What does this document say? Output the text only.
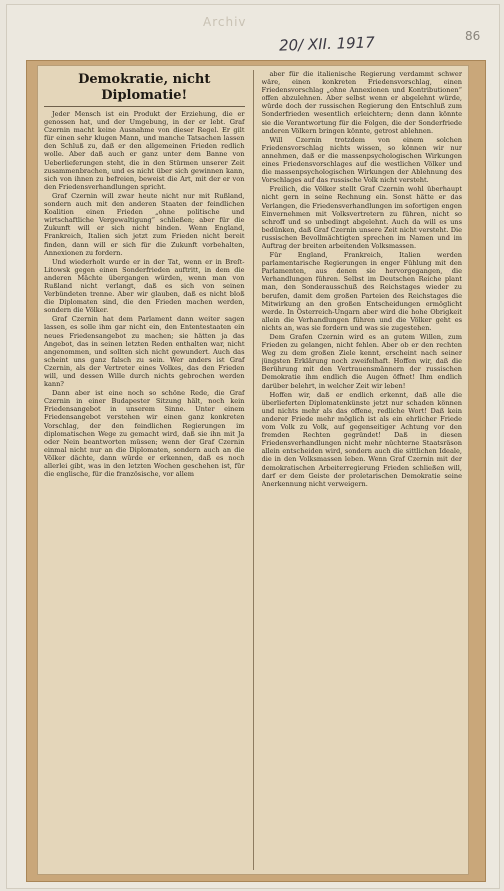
Archiv
20/ XII. 1917	86
Demokratie, nicht Diplomatie!

Jeder Mensch ist ein Produkt der Erziehung, die er genossen hat, und der Umgebung, in der er lebt. Graf Czernin macht keine Ausnahme von dieser Regel. Er gilt für einen sehr klugen Mann, und manche Tatsachen lassen den Schluß zu, daß er den allgemeinen Frieden redlich wolle. Aber daß auch er ganz unter dem Banne von Ueberlieferungen steht, die in den Stürmen unserer Zeit zusammenbrachen, und es nicht über sich gewinnen kann, sich von ihnen zu befreien, beweist die Art, mit der er von den Friedensverhandlungen spricht.

Graf Czernin will zwar heute nicht nur mit Rußland, sondern auch mit den anderen Staaten der feindlichen Koalition einen Frieden „ohne politische und wirtschaftliche Vergewaltigung“ schließen; aber für die Zukunft will er sich nicht binden. Wenn England, Frankreich, Italien sich jetzt zum Frieden nicht bereit finden, dann will er sich für die Zukunft vorbehalten, Annexionen zu fordern.

Und wiederholt wurde er in der Tat, wenn er in Breſt-Litowsk gegen einen Sonderfrieden auftritt, in dem die anderen Mächte übergangen würden, wenn man von Rußland nicht verlangt, daß es sich von seinen Verbündeten trenne. Aber wir glauben, daß es nicht bloß die Diplomaten sind, die den Frieden machen werden, sondern die Völker.

Graf Czernin hat dem Parlament dann weiter sagen lassen, es solle ihm gar nicht ein, den Ententestaaten ein neues Friedensangebot zu machen; sie hätten ja das Angebot, das in seinen letzten Reden enthalten war, nicht angenommen, und sollten sich nicht gewundert. Auch das scheint uns ganz falsch zu sein. Wer anders ist Graf Czernin, als der Vertreter eines Volkes, das den Frieden will, und dessen Wille durch nichts gebrochen werden kann?

Dann aber ist eine noch so schöne Rede, die Graf Czernin in einer Budapester Sitzung hält, noch kein Friedensangebot in unserem Sinne. Unter einem Friedensangebot verstehen wir einen ganz konkreten Vorschlag, der den feindlichen Regierungen im diplomatischen Wege zu gemacht wird, daß sie ihn mit Ja oder Nein beantworten müssen; wenn der Graf Czernin einmal nicht nur an die Diplomaten, sondern auch an die Völker dächte, dann würde er erkennen, daß es noch allerlei gibt, was in den letzten Wochen geschehen ist, für die englische, für die französische, vor allem

aber für die italienische Regierung verdammt schwer wäre, einen konkreten Friedensvorschlag, einen Friedensvorschlag „ohne Annexionen und Kontributionen“ offen abzulehnen. Aber selbst wenn er abgelehnt würde, würde doch der russischen Regierung den Entschluß zum Sonderfrieden wesentlich erleichtern; denn dann könnte sie die Verantwortung für die Folgen, die der Sonderfriede anderen Völkern bringen könnte, getrost ablehnen.

Will Czernin trotzdem von einem solchen Friedensvorschlag nichts wissen, so können wir nur annehmen, daß er die massenpsychologischen Wirkungen eines Friedensvorschlages auf die westlichen Völker und die massenpsychologischen Wirkungen der Ablehnung des Vorschlages auf das russische Volk nicht versteht.

Freilich, die Völker stellt Graf Czernin wohl überhaupt nicht gern in seine Rechnung ein. Sonst hätte er das Verlangen, die Friedensverhandlungen im sofortigen engen Einvernehmen mit Volksvertretern zu führen, nicht so schroff und so unbedingt abgelehnt. Auch da will es uns bedünken, daß Graf Czernin unsere Zeit nicht versteht. Die russischen Bevollmächtigten sprechen im Namen und im Auftrag der breiten arbeitenden Volksmassen.

Für England, Frankreich, Italien werden parlamentarische Regierungen in enger Fühlung mit den Parlamenten, aus denen sie hervorgegangen, die Verhandlungen führen. Selbst im Deutschen Reiche plant man, den Sonderausschuß des Reichstages wieder zu berufen, damit dem großen Parteien des Reichstages die Mitwirkung an den großen Entscheidungen ermöglicht werde. In Österreich-Ungarn aber wird die hohe Obrigkeit allein die Verhandlungen führen und die Völker geht es nichts an, was sie fordern und was sie zugestehen.

Dem Grafen Czernin wird es an gutem Willen, zum Frieden zu gelangen, nicht fehlen. Aber ob er den rechten Weg zu dem großen Ziele kennt, erscheint nach seiner jüngsten Erklärung noch zweifelhaft. Hoffen wir, daß die Berührung mit den Vertrauensmännern der russischen Demokratie ihm endlich die Augen öffnet! Ihm endlich darüber belehrt, in welcher Zeit wir leben!

Hoffen wir, daß er endlich erkennt, daß alle die überlieferten Diplomatenkünste jetzt nur schaden können und nichts mehr als das offene, redliche Wort! Daß kein anderer Friede mehr möglich ist als ein ehrlicher Friede vom Volk zu Volk, auf gegenseitiger Achtung vor den fremden Rechten gegründet! Daß in diesen Friedensverhandlungen nicht mehr nüchterne Staatsräson allein entscheiden wird, sondern auch die sittlichen Ideale, die in den Volksmassen leben. Wenn Graf Czernin mit der demokratischen Arbeiterregierung Frieden schließen will, darf er dem Geiste der proletarischen Demokratie seine Anerkennung nicht verweigern.
